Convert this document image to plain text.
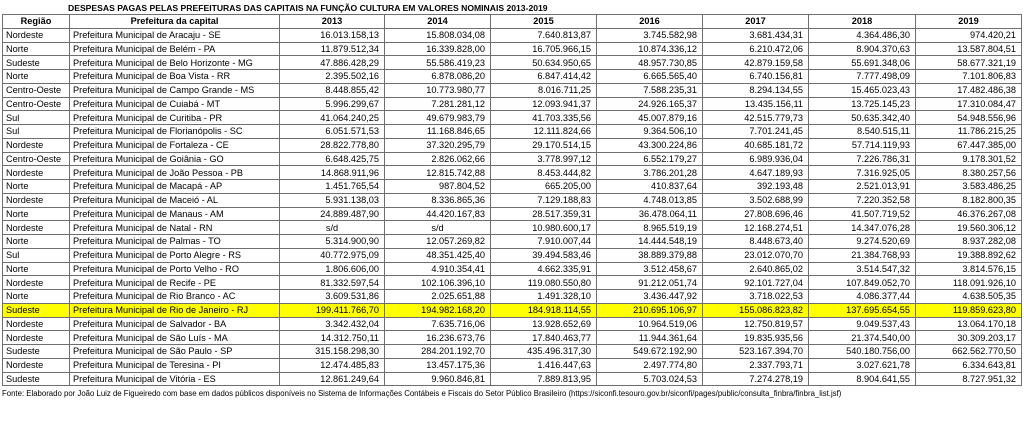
DESPESAS PAGAS PELAS PREFEITURAS DAS CAPITAIS NA FUNÇÃO CULTURA EM VALORES NOMINAIS 2013-2019
Região	Prefeitura da capital	2013	2014	2015	2016	2017	2018	2019
Nordeste	Prefeitura Municipal de Aracaju - SE	16.013.158,13	15.808.034,08	7.640.813,87	3.745.582,98	3.681.434,31	4.364.486,30	974.420,21
Norte	Prefeitura Municipal de Belém - PA	11.879.512,34	16.339.828,00	16.705.966,15	10.874.336,12	6.210.472,06	8.904.370,63	13.587.804,51
Sudeste	Prefeitura Municipal de Belo Horizonte - MG	47.886.428,29	55.586.419,23	50.634.950,65	48.957.730,85	42.879.159,58	55.691.348,06	58.677.321,19
Norte	Prefeitura Municipal de Boa Vista - RR	2.395.502,16	6.878.086,20	6.847.414,42	6.665.565,40	6.740.156,81	7.777.498,09	7.101.806,83
Centro-Oeste	Prefeitura Municipal de Campo Grande - MS	8.448.855,42	10.773.980,77	8.016.711,25	7.588.235,31	8.294.134,55	15.465.023,43	17.482.486,38
Centro-Oeste	Prefeitura Municipal de Cuiabá - MT	5.996.299,67	7.281.281,12	12.093.941,37	24.926.165,37	13.435.156,11	13.725.145,23	17.310.084,47
Sul	Prefeitura Municipal de Curitiba - PR	41.064.240,25	49.679.983,79	41.703.335,56	45.007.879,16	42.515.779,73	50.635.342,40	54.948.556,96
Sul	Prefeitura Municipal de Florianópolis - SC	6.051.571,53	11.168.846,65	12.111.824,66	9.364.506,10	7.701.241,45	8.540.515,11	11.786.215,25
Nordeste	Prefeitura Municipal de Fortaleza - CE	28.822.778,80	37.320.295,79	29.170.514,15	43.300.224,86	40.685.181,72	57.714.119,93	67.447.385,00
Centro-Oeste	Prefeitura Municipal de Goiânia - GO	6.648.425,75	2.826.062,66	3.778.997,12	6.552.179,27	6.989.936,04	7.226.786,31	9.178.301,52
Nordeste	Prefeitura Municipal de João Pessoa - PB	14.868.911,96	12.815.742,88	8.453.444,82	3.786.201,28	4.647.189,93	7.316.925,05	8.380.257,56
Norte	Prefeitura Municipal de Macapá - AP	1.451.765,54	987.804,52	665.205,00	410.837,64	392.193,48	2.521.013,91	3.583.486,25
Nordeste	Prefeitura Municipal de Maceió - AL	5.931.138,03	8.336.865,36	7.129.188,83	4.748.013,85	3.502.688,99	7.220.352,58	8.182.800,35
Norte	Prefeitura Municipal de Manaus - AM	24.889.487,90	44.420.167,83	28.517.359,31	36.478.064,11	27.808.696,46	41.507.719,52	46.376.267,08
Nordeste	Prefeitura Municipal de Natal - RN	s/d	s/d	10.980.600,17	8.965.519,19	12.168.274,51	14.347.076,28	19.560.306,12
Norte	Prefeitura Municipal de Palmas - TO	5.314.900,90	12.057.269,82	7.910.007,44	14.444.548,19	8.448.673,40	9.274.520,69	8.937.282,08
Sul	Prefeitura Municipal de Porto Alegre - RS	40.772.975,09	48.351.425,40	39.494.583,46	38.889.379,88	23.012.070,70	21.384.768,93	19.388.892,62
Norte	Prefeitura Municipal de Porto Velho - RO	1.806.606,00	4.910.354,41	4.662.335,91	3.512.458,67	2.640.865,02	3.514.547,32	3.814.576,15
Nordeste	Prefeitura Municipal de Recife - PE	81.332.597,54	102.106.396,10	119.080.550,80	91.212.051,74	92.101.727,04	107.849.052,70	118.091.926,10
Norte	Prefeitura Municipal de Rio Branco - AC	3.609.531,86	2.025.651,88	1.491.328,10	3.436.447,92	3.718.022,53	4.086.377,44	4.638.505,35
Sudeste	Prefeitura Municipal de Rio de Janeiro - RJ	199.411.766,70	194.982.168,20	184.918.114,55	210.695.106,97	155.086.823,82	137.695.654,55	119.859.623,80
Nordeste	Prefeitura Municipal de Salvador - BA	3.342.432,04	7.635.716,06	13.928.652,69	10.964.519,06	12.750.819,57	9.049.537,43	13.064.170,18
Nordeste	Prefeitura Municipal de São Luís - MA	14.312.750,11	16.236.673,76	17.840.463,77	11.944.361,64	19.835.935,56	21.374.540,00	30.309.203,17
Sudeste	Prefeitura Municipal de São Paulo - SP	315.158.298,30	284.201.192,70	435.496.317,30	549.672.192,90	523.167.394,70	540.180.756,00	662.562.770,50
Nordeste	Prefeitura Municipal de Teresina - PI	12.474.485,83	13.457.175,36	1.416.447,63	2.497.774,80	2.337.793,71	3.027.621,78	6.334.643,81
Sudeste	Prefeitura Municipal de Vitória - ES	12.861.249,64	9.960.846,81	7.889.813,95	5.703.024,53	7.274.278,19	8.904.641,55	8.727.951,32
Fonte: Elaborado por João Luiz de Figueiredo com base em dados públicos disponíveis no Sistema de Informações Contábeis e Fiscais do Setor Público Brasileiro (https://siconfi.tesouro.gov.br/siconfi/pages/public/consulta_finbra/finbra_list.jsf)
